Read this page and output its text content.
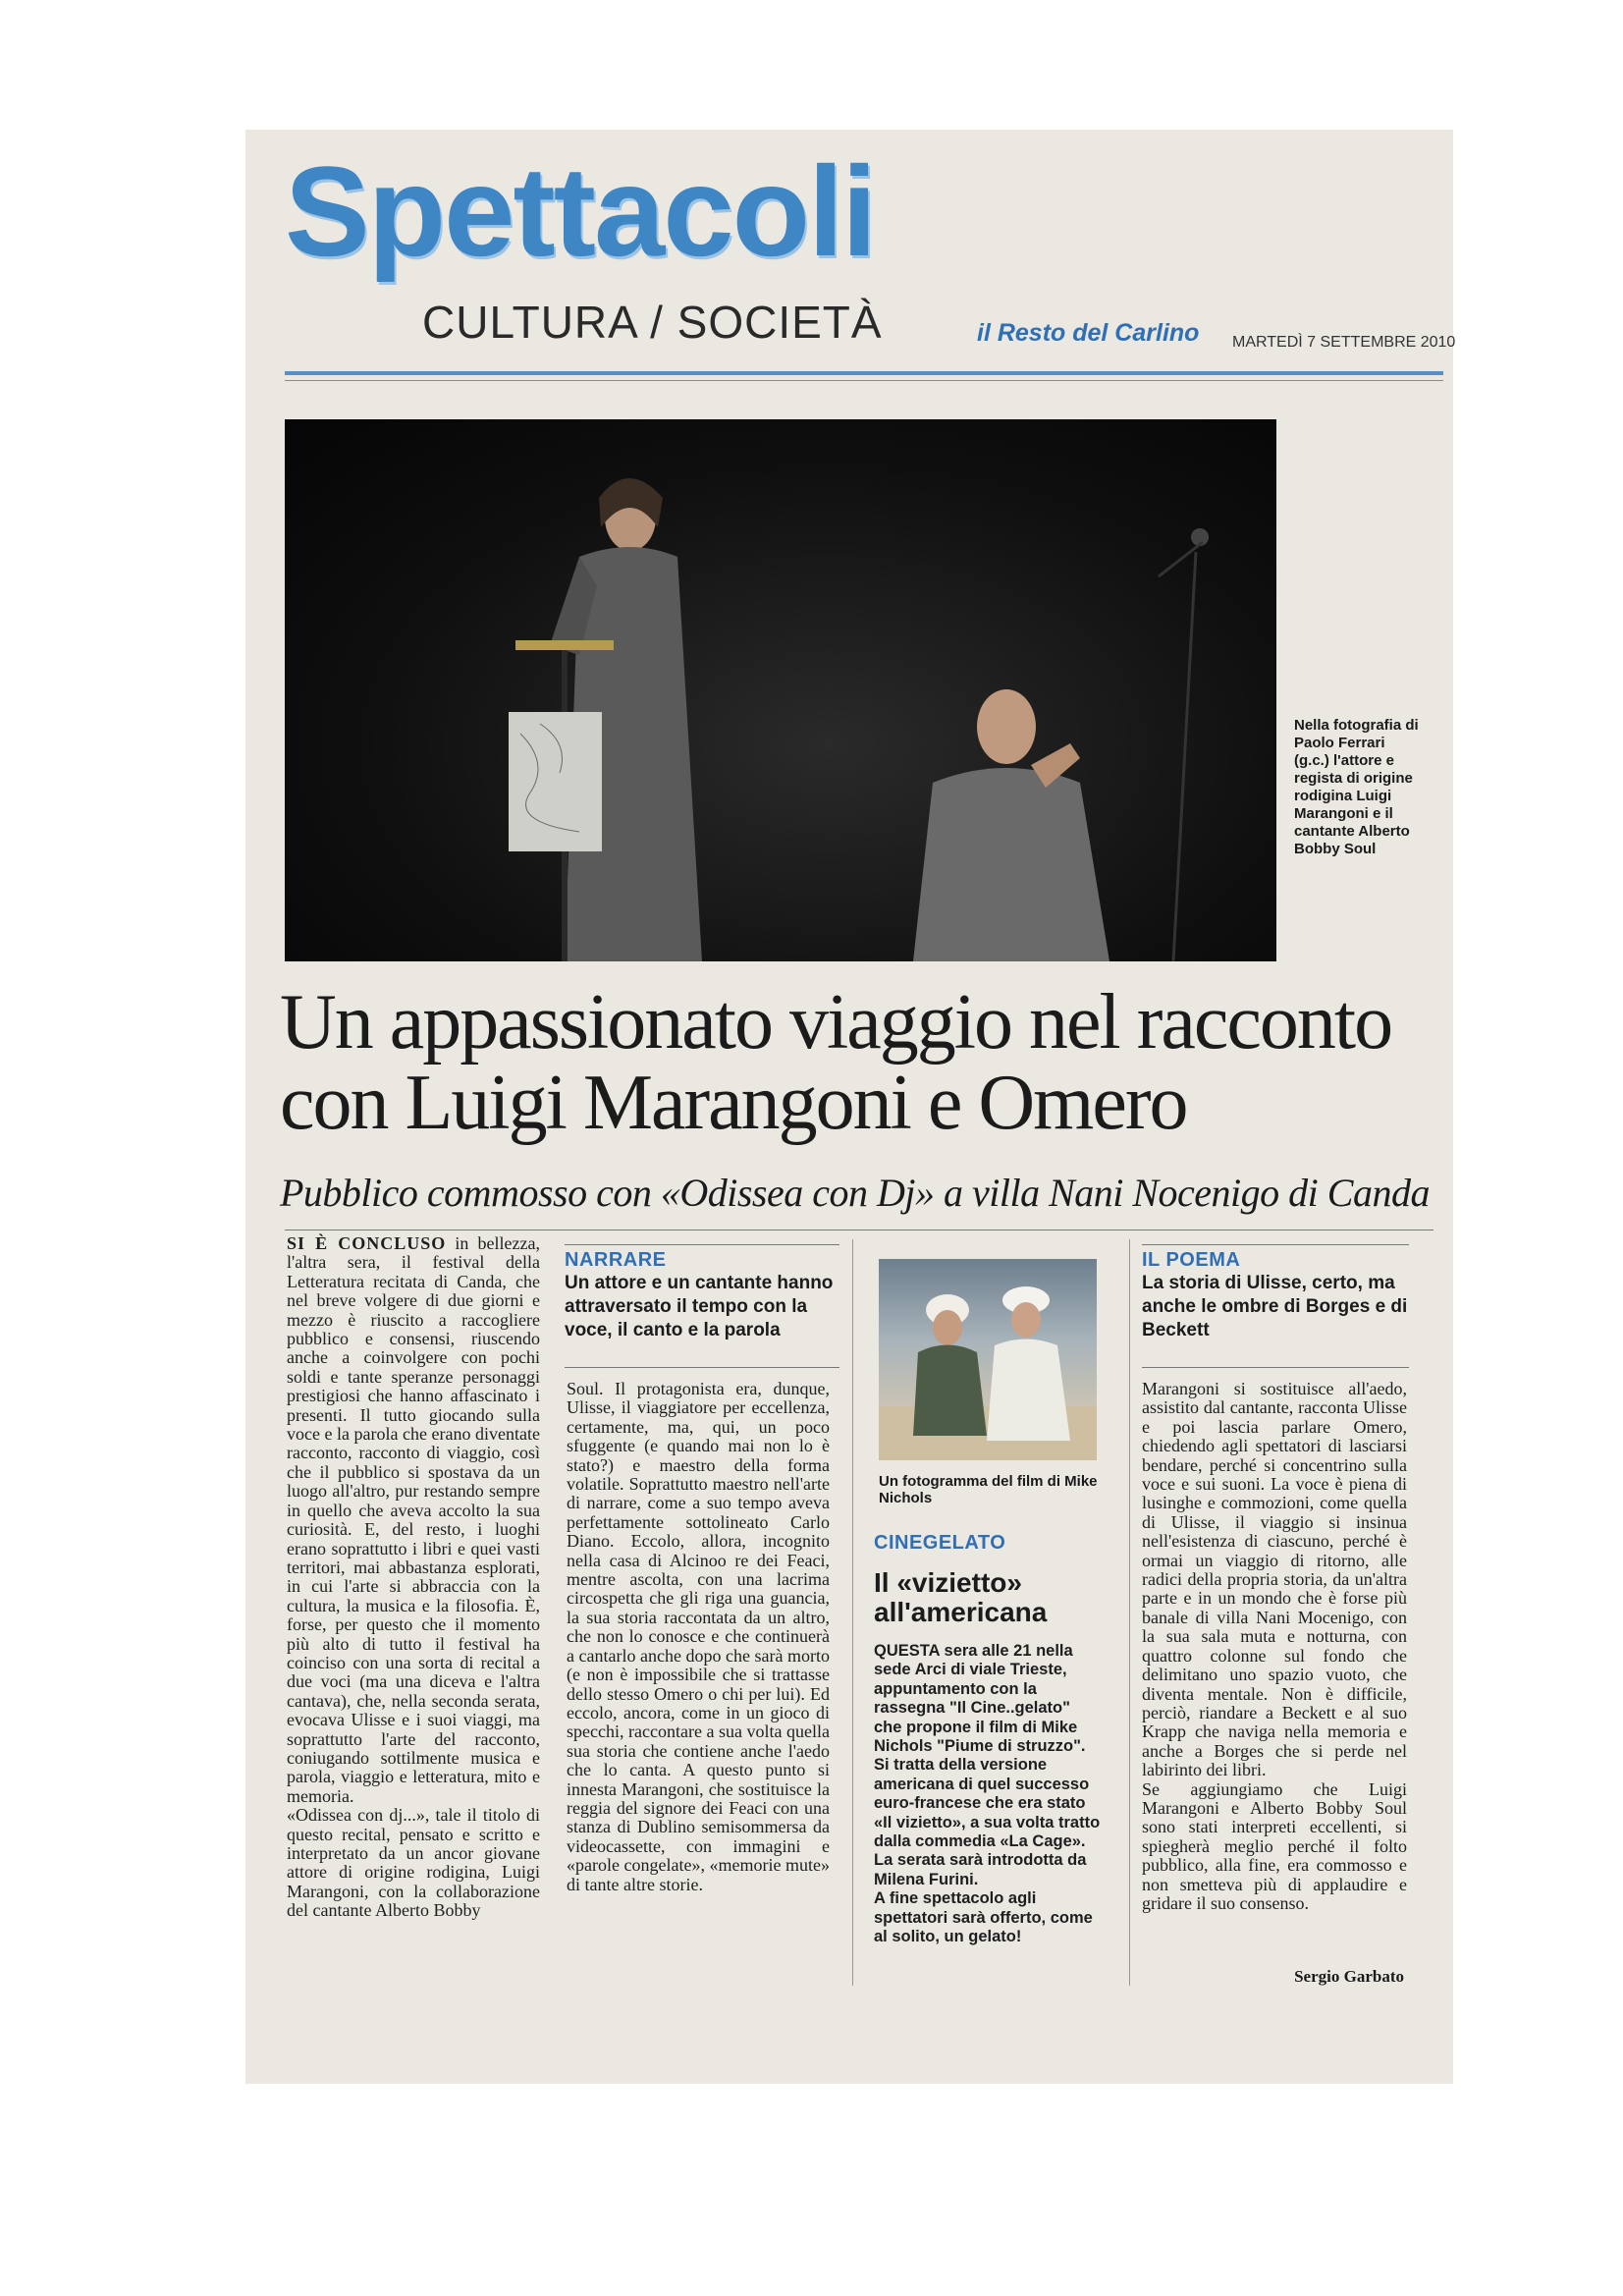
Spettacoli
CULTURA / SOCIETÀ	il Resto del Carlino MARTEDÌ 7 SETTEMBRE 2010
Nella fotografia di Paolo Ferrari (g.c.) l'attore e regista di origine rodigina Luigi Marangoni e il cantante Alberto Bobby Soul
Un appassionato viaggio nel racconto
con Luigi Marangoni e Omero
Pubblico commosso con «Odissea con Dj» a villa Nani Nocenigo di Canda

SI È CONCLUSO in bellezza, l'altra sera, il festival della Letteratura recitata di Canda, che nel breve volgere di due giorni e mezzo è riuscito a raccogliere pubblico e consensi, riuscendo anche a coinvolgere con pochi soldi e tante speranze personaggi prestigiosi che hanno affascinato i presenti. Il tutto giocando sulla voce e la parola che erano diventate racconto, racconto di viaggio, così che il pubblico si spostava da un luogo all'altro, pur restando sempre in quello che aveva accolto la sua curiosità. E, del resto, i luoghi erano soprattutto i libri e quei vasti territori, mai abbastanza esplorati, in cui l'arte si abbraccia con la cultura, la musica e la filosofia. È, forse, per questo che il momento più alto di tutto il festival ha coinciso con una sorta di recital a due voci (ma una diceva e l'altra cantava), che, nella seconda serata, evocava Ulisse e i suoi viaggi, ma soprattutto l'arte del racconto, coniugando sottilmente musica e parola, viaggio e letteratura, mito e memoria.

«Odissea con dj...», tale il titolo di questo recital, pensato e scritto e interpretato da un ancor giovane attore di origine rodigina, Luigi Marangoni, con la collaborazione del cantante Alberto Bobby

NARRARE
Un attore e un cantante hanno attraversato il tempo con la voce, il canto e la parola

Soul. Il protagonista era, dunque, Ulisse, il viaggiatore per eccellenza, certamente, ma, qui, un poco sfuggente (e quando mai non lo è stato?) e maestro della forma volatile. Soprattutto maestro nell'arte di narrare, come a suo tempo aveva perfettamente sottolineato Carlo Diano. Eccolo, allora, incognito nella casa di Alcinoo re dei Feaci, mentre ascolta, con una lacrima circospetta che gli riga una guancia, la sua storia raccontata da un altro, che non lo conosce e che continuerà a cantarlo anche dopo che sarà morto (e non è impossibile che si trattasse dello stesso Omero o chi per lui). Ed eccolo, ancora, come in un gioco di specchi, raccontare a sua volta quella sua storia che contiene anche l'aedo che lo canta. A questo punto si innesta Marangoni, che sostituisce la reggia del signore dei Feaci con una stanza di Dublino semisommersa da videocassette, con immagini e «parole congelate», «memorie mute» di tante altre storie.

Un fotogramma del film di Mike Nichols
CINEGELATO
Il «vizietto» all'americana

QUESTA sera alle 21 nella sede Arci di viale Trieste, appuntamento con la rassegna "Il Cine..gelato" che propone il film di Mike Nichols "Piume di struzzo". Si tratta della versione americana di quel successo euro-francese che era stato «Il vizietto», a sua volta tratto dalla commedia «La Cage».

La serata sarà introdotta da Milena Furini.

A fine spettacolo agli spettatori sarà offerto, come al solito, un gelato!

IL POEMA
La storia di Ulisse, certo, ma anche le ombre di Borges e di Beckett

Marangoni si sostituisce all'aedo, assistito dal cantante, racconta Ulisse e poi lascia parlare Omero, chiedendo agli spettatori di lasciarsi bendare, perché si concentrino sulla voce e sui suoni. La voce è piena di lusinghe e commozioni, come quella di Ulisse, il viaggio si insinua nell'esistenza di ciascuno, perché è ormai un viaggio di ritorno, alle radici della propria storia, da un'altra parte e in un mondo che è forse più banale di villa Nani Mocenigo, con la sua sala muta e notturna, con quattro colonne sul fondo che delimitano uno spazio vuoto, che diventa mentale. Non è difficile, perciò, riandare a Beckett e al suo Krapp che naviga nella memoria e anche a Borges che si perde nel labirinto dei libri.

Se aggiungiamo che Luigi Marangoni e Alberto Bobby Soul sono stati interpreti eccellenti, si spiegherà meglio perché il folto pubblico, alla fine, era commosso e non smetteva più di applaudire e gridare il suo consenso.

Sergio Garbato
